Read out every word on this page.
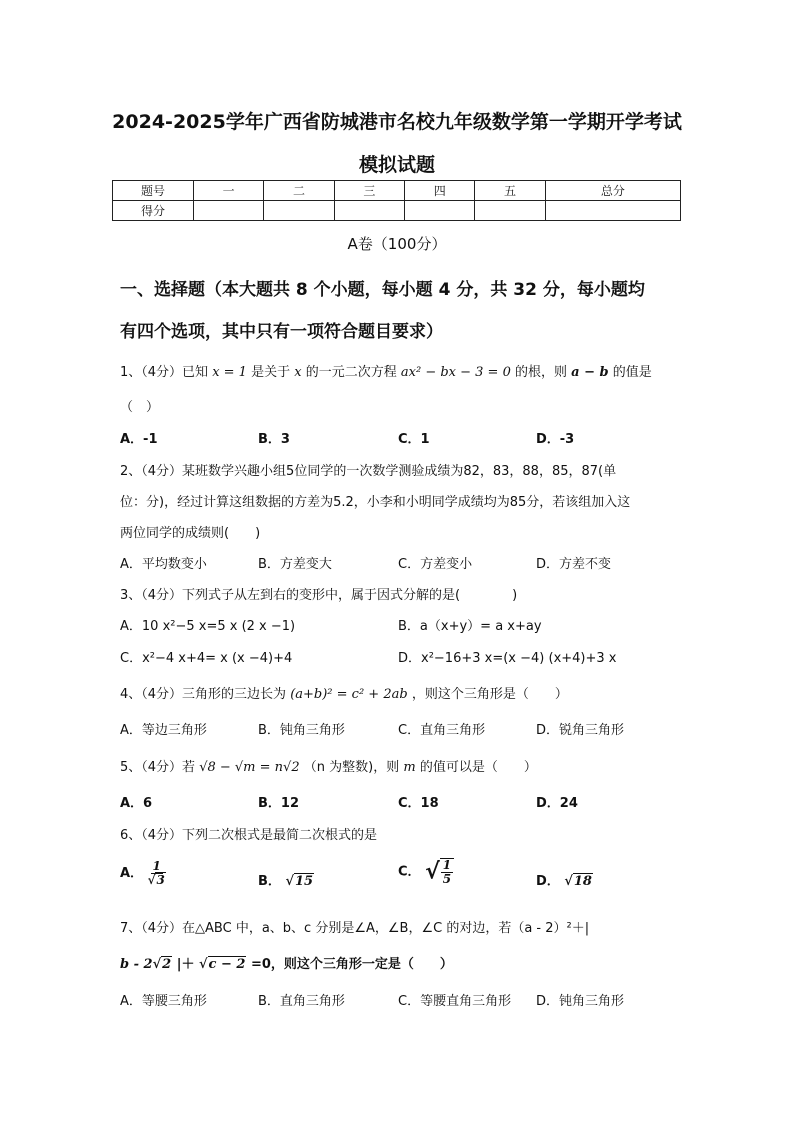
2024-2025学年广西省防城港市名校九年级数学第一学期开学考试
模拟试题
题号	一	二	三	四	五	总分
得分						
A卷（100分）
一、选择题（本大题共 8 个小题，每小题 4 分，共 32 分，每小题均
有四个选项，其中只有一项符合题目要求）
1、（4分）已知 x = 1 是关于 x 的一元二次方程 ax² − bx − 3 = 0 的根，则 a − b 的值是
（　）
A．-1	B．3	C．1	D．-3
2、（4分）某班数学兴趣小组5位同学的一次数学测验成绩为82，83，88，85，87(单
位：分)，经过计算这组数据的方差为5.2，小李和小明同学成绩均为85分，若该组加入这
两位同学的成绩则(　　)
A．平均数变小	B．方差变大	C．方差变小	D．方差不变
3、（4分）下列式子从左到右的变形中，属于因式分解的是(　　　　)
A．10 x²−5 x=5 x (2 x −1)	B．a（x+y）= a x+ay
C．x²−4 x+4= x (x −4)+4	D．x²−16+3 x=(x −4) (x+4)+3 x
4、（4分）三角形的三边长为 (a+b)² = c² + 2ab ，则这个三角形是（　　）
A．等边三角形	B．钝角三角形	C．直角三角形	D．锐角三角形
5、（4分）若 √8 − √m = n√2 （n 为整数)，则 m 的值可以是（　　）
A．6	B．12	C．18	D．24
6、（4分）下列二次根式是最简二次根式的是
A． $\frac{1}{√3}$	B． √15
C． √ $\frac{1}{5}$	D． √18
7、（4分）在△ABC 中，a、b、c 分别是∠A，∠B，∠C 的对边，若（a - 2）²＋|
b - 2√2 |＋ √c − 2 =0，则这个三角形一定是（　　）
A．等腰三角形	B．直角三角形	C．等腰直角三角形 D．钝角三角形
